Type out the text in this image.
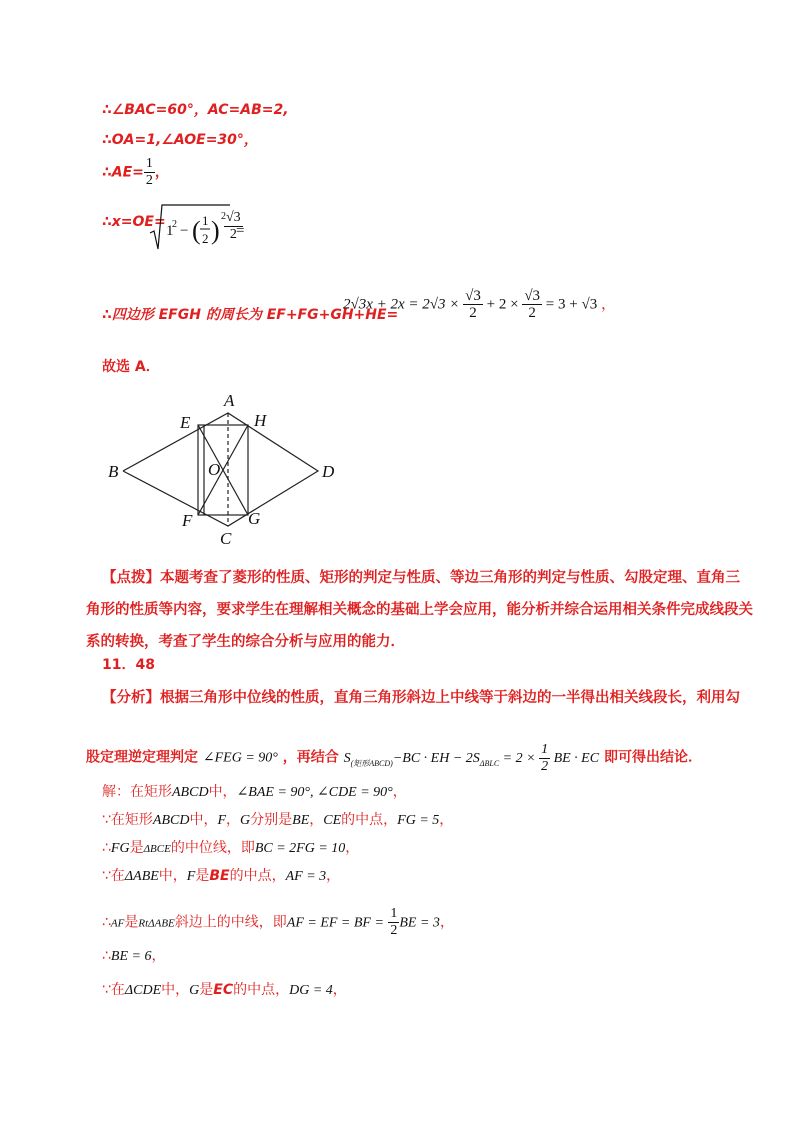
∴∠BAC=60°，AC=AB=2,
∴OA=1,∠AOE=30°，
∴AE= $\frac{1}{2}$ ，
∴x=OE=
1
2 − ( 1
2 ) 2
=
$\frac{√3}{2}$
∴四边形 EFGH 的周长为 EF+FG+GH+HE=
$2√3x + 2x = 2√3 \times \frac{√3}{2} + 2 \times \frac{√3}{2} = 3 + √3$ ，
故选 A．
A
E	H
B	O	D
F	G
C
【点拨】本题考查了菱形的性质、矩形的判定与性质、等边三角形的判定与性质、勾股定理、直角三
角形的性质等内容，要求学生在理解相关概念的基础上学会应用，能分析并综合运用相关条件完成线段关
系的转换，考查了学生的综合分析与应用的能力．
11．48
【分析】根据三角形中位线的性质，直角三角形斜边上中线等于斜边的一半得出相关线段长，利用勾
股定理逆定理判定 ∠FEG = 90° ，再结合 $S_{(矩形ABCD)}-BC$ · EH − $2S_{\Delta BLC} = 2 \times \frac{1}{2}$ BE · EC 即可得出结论．
解：在矩形ABCD中，∠BAE = 90°, ∠CDE = 90°，
∵在矩形ABCD中，F，G分别是BE，CE的中点，FG = 5，
∴FG是ΔBCE的中位线，即BC = 2FG = 10，
∵在ΔABE中，F是BE的中点，AF = 3，
∴AF是RtΔABE斜边上的中线，即AF = EF = BF = $\frac{1}{2}$ BE = 3，
∴BE = 6，
∵在ΔCDE中，G是EC的中点，DG = 4，
